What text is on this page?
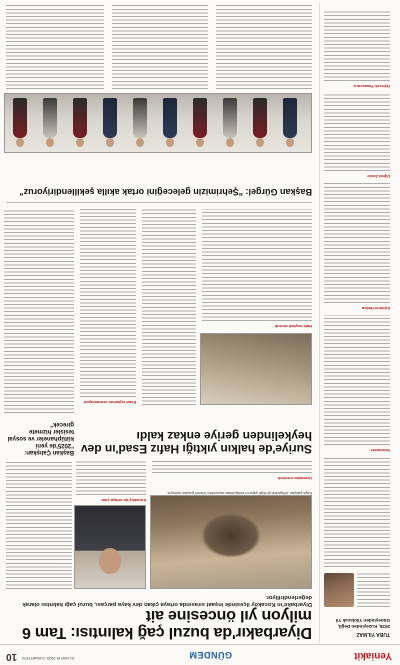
Yeniakit
GÜNDEM
31 MAYIS 2025 CUMARTESİ
10
TUBA YILMAZ
2025, Kuzeyinden Değil, Güneyinden Yıkılacak Yıl
Semboller
Kültürel Hafıza
Dijital Zincir
Gelecek Tasavvuru
Diyarbakır'da buzul çağ kalıntısı: Tam 6 milyon yıl öncesine ait
Diyarbakır'ın Kocaköy ilçesinde inşaat sırasında ortaya çıkan dev kaya parçası, buzul çağı kalıntısı olarak değerlendiriliyor.
Kaya parçası, bölgedeki jeolojik yapının anlaşılması açısından önemli ipuçları sunuyor.
Kocaköy'de ortaya çıktı
Uzmanlar inceledi
Suriye'de halkın yıktığı Hafız Esad'ın dev heykelinden geriye enkaz kaldı
Esad rejiminin sembolüydü
Halk heykeli devirdi
Başkan Çalışkan: "2025'de yeni kütüphaneler ve sosyal tesisler hizmete girecek"
Başkan Gürgel: "Şehrimizin geleceğini ortak akılla şekillendiriyoruz"
